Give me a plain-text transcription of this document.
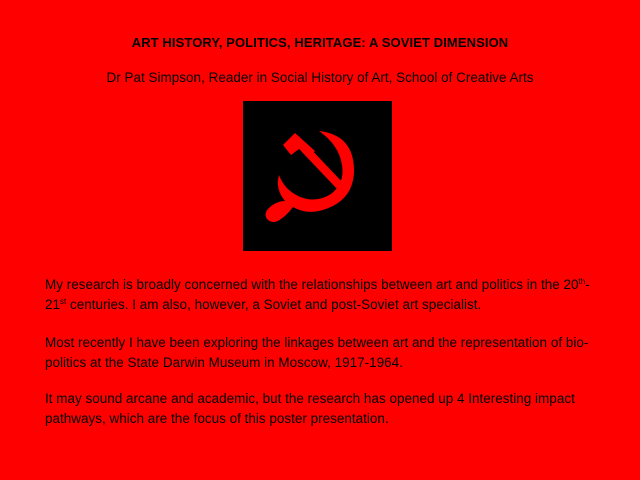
ART HISTORY, POLITICS, HERITAGE: A SOVIET DIMENSION
Dr Pat Simpson, Reader in Social History of Art, School of Creative Arts
My research is broadly concerned with the relationships between art and politics in the 20th-21st centuries. I am also, however, a Soviet and post-Soviet art specialist.
Most recently I have been exploring the linkages between art and the representation of bio-politics at the State Darwin Museum in Moscow, 1917-1964.
It may sound arcane and academic, but the research has opened up 4 Interesting impact pathways, which are the focus of this poster presentation.
